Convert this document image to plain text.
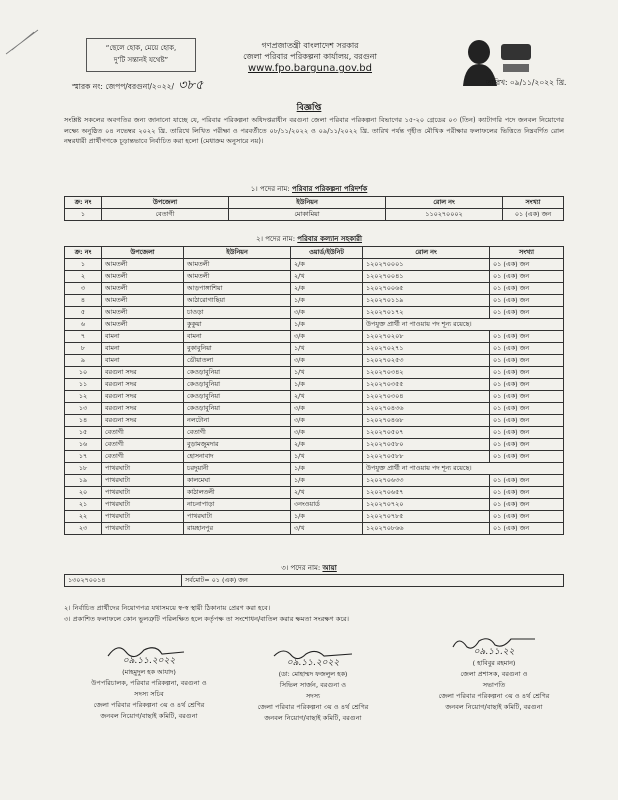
“ছেলে হোক, মেয়ে হোক,
দু'টি সন্তানই যথেষ্ট”
গণপ্রজাতন্ত্রী বাংলাদেশ সরকার
জেলা পরিবার পরিকল্পনা কার্যালয়, বরগুনা
www.fpo.barguna.gov.bd
স্মারক নং: জেপপ/বরগুনা/২০২২/ ৩৮৫	তারিখ: ০৯/১১/২০২২ খ্রি.
বিজ্ঞপ্তি
সংশ্লিষ্ট সকলের অবগতির জন্য জানানো যাচ্ছে যে, পরিবার পরিকল্পনা অধিদপ্তরাধীন বরগুনা জেলা পরিবার পরিকল্পনা বিভাগের ১৫-২০ গ্রেডের ০৩ (তিন) ক্যাটাগরি পদে জনবল নিয়োগের লক্ষ্যে অনুষ্ঠিত ০৪ নভেম্বর ২০২২ খ্রি. তারিখে লিখিত পরীক্ষা ও পরবর্তীতে ০৮/১১/২০২২ ও ০৯/১১/২০২২ খ্রি. তারিখ পর্যন্ত গৃহীত মৌখিক পরীক্ষার ফলাফলের ভিত্তিতে নিম্নবর্ণিত রোল নম্বরধারী প্রার্থীগণকে চূড়ান্তভাবে নির্বাচিত করা হলো (মেধাক্রম অনুসারে নয়)।
১। পদের নাম: পরিবার পরিকল্পনা পরিদর্শক
ক্র: নং	উপজেলা	ইউনিয়ন	রোল নং	সংখ্যা
১	বেতাগী	মোকামিয়া	১১০২৭০০০২	০১ (এক) জন
২। পদের নাম: পরিবার কল্যান সহকারী
ক্র: নং	উপজেলা	ইউনিয়ন	ওয়ার্ড/ইউনিট	রোল নং	সংখ্যা
১	আমতলী	আমতলী	২/ক	১২০২৭০০০১	০১ (এক) জন
২	আমতলী	আমতলী	২/খ	১২০২৭০০৪১	০১ (এক) জন
৩	আমতলী	আড়পাঙ্গাশিয়া	২/ক	১২০২৭০০৬৫	০১ (এক) জন
৪	আমতলী	আঠারোগাছিয়া	১/ক	১২০২৭০১১৯	০১ (এক) জন
৫	আমতলী	চাওড়া	৩/ক	১২০২৭০১৭২	০১ (এক) জন
৬	আমতলী	কুকুয়া	১/ক	উপযুক্ত প্রার্থী না পাওয়ায় পদ শূন্য রয়েছে।	
৭	বামনা	বামনা	৩/ক	১২০২৭০২০৮	০১ (এক) জন
৮	বামনা	বুকাবুনিয়া	১/খ	১২০২৭০২৭১	০১ (এক) জন
৯	বামনা	ডৌয়াতলা	৩/ক	১২০২৭০২৫৩	০১ (এক) জন
১০	বরগুনা সদর	কেওড়াবুনিয়া	১/খ	১২০২৭০৩৪২	০১ (এক) জন
১১	বরগুনা সদর	কেওড়াবুনিয়া	১/ক	১২০২৭০৩৫৫	০১ (এক) জন
১২	বরগুনা সদর	কেওড়াবুনিয়া	২/খ	১২০২৭০৩০৪	০১ (এক) জন
১৩	বরগুনা সদর	কেওড়াবুনিয়া	৩/ক	১২০২৭০৪৩৬	০১ (এক) জন
১৪	বরগুনা সদর	নলটোনা	৩/ক	১২০২৭০৪৬৮	০১ (এক) জন
১৫	বেতাগী	বেতাগী	৩/ক	১২০২৭০৫০৭	০১ (এক) জন
১৬	বেতাগী	বুড়ামজুমদার	২/ক	১২০২৭০৫৮০	০১ (এক) জন
১৭	বেতাগী	হোসনাবাদ	১/খ	১২০২৭০৫৮৮	০১ (এক) জন
১৮	পাথরঘাটা	চরদুয়ানী	১/ক	উপযুক্ত প্রার্থী না পাওয়ায় পদ শূন্য রয়েছে।	
১৯	পাথরঘাটা	কালমেঘা	১/ক	১২০২৭০৬৩৩	০১ (এক) জন
২০	পাথরঘাটা	কাঠালতলী	২/খ	১২০২৭০৬৫৭	০১ (এক) জন
২১	পাথরঘাটা	নাচনাপাড়া	৩নংওয়ার্ড	১২০২৭০৭২০	০১ (এক) জন
২২	পাথরঘাটা	পাথরঘাটা	১/ক	১২০২৭০৭৮৫	০১ (এক) জন
২৩	পাথরঘাটা	রায়হানপুর	৩/খ	১২০২৭০৮৬৬	০১ (এক) জন
৩। পদের নাম: আয়া
১৩০২৭০০১৪	সর্বমোট= ০১ (এক) জন
২। নির্বাচিত প্রার্থীদের নিয়োগপত্র যথাসময়ে স্ব-স্ব স্থায়ী ঠিকানায় প্রেরণ করা হবে।
৩। প্রকাশিত ফলাফলে কোন ভুলত্রুটি পরিলক্ষিত হলে কর্তৃপক্ষ তা সংশোধন/বাতিল করার ক্ষমতা সংরক্ষণ করে।
০৯.১১.২০২২
(মাহমুদুল হক আযাদ)
উপপরিচালক, পরিবার পরিকল্পনা, বরগুনা ও
সদস্য সচিব
জেলা পরিবার পরিকল্পনা ৩য় ও ৪র্থ শ্রেণির
জনবল নিয়োগ/বাছাই কমিটি, বরগুনা
০৯.১১.২০২২
(ডা: মোহাম্মদ ফজলুল হক)
সিভিল সার্জন, বরগুনা ও
সদস্য
জেলা পরিবার পরিকল্পনা ৩য় ও ৪র্থ শ্রেণির
জনবল নিয়োগ/বাছাই কমিটি, বরগুনা
০৯.১১.২২
( হাবিবুর রহমান)
জেলা প্রশাসক, বরগুনা ও
সভাপতি
জেলা পরিবার পরিকল্পনা ৩য় ও ৪র্থ শ্রেণির
জনবল নিয়োগ/বাছাই কমিটি, বরগুনা
